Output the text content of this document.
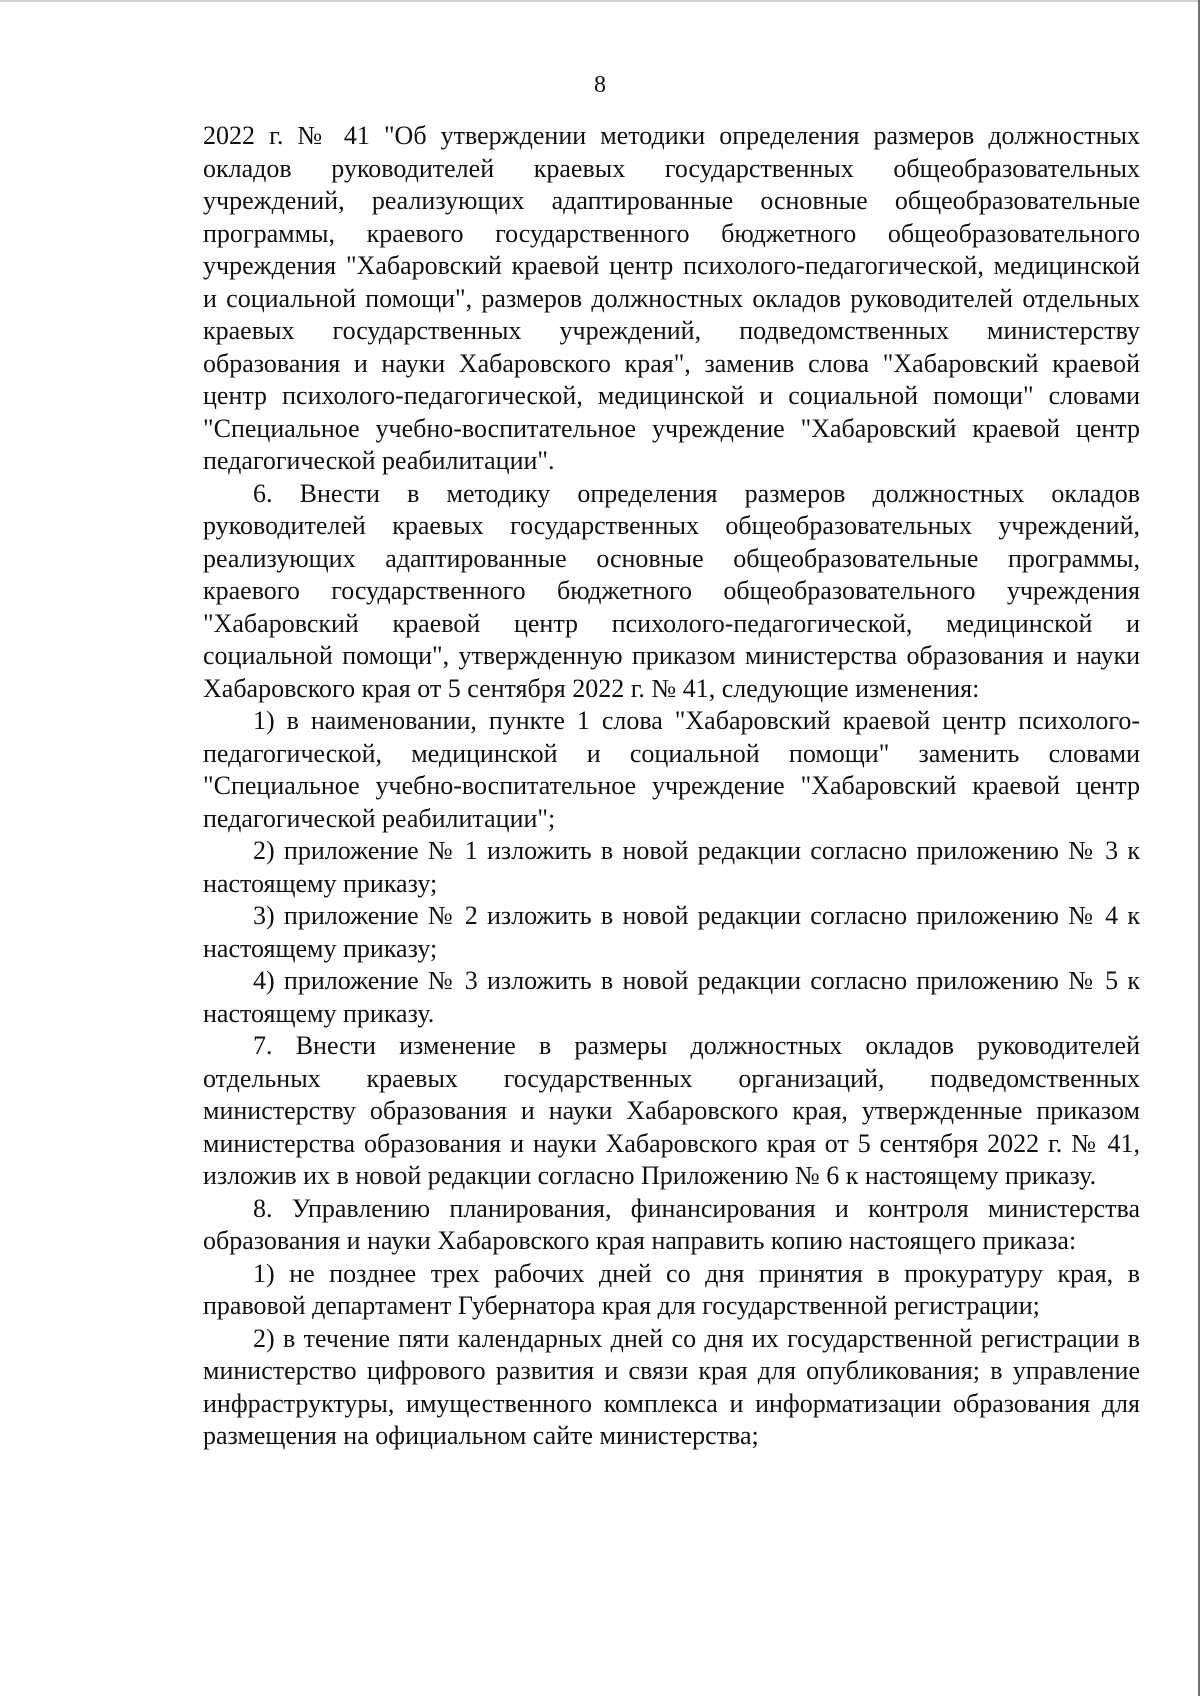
8

2022 г. № 41 "Об утверждении методики определения размеров должностных окладов руководителей краевых государственных общеобразовательных учреждений, реализующих адаптированные основные общеобразовательные программы, краевого государственного бюджетного общеобразовательного учреждения "Хабаровский краевой центр психолого-педагогической, медицинской и социальной помощи", размеров должностных окладов руководителей отдельных краевых государственных учреждений, подведомственных министерству образования и науки Хабаровского края", заменив слова "Хабаровский краевой центр психолого-педагогической, медицинской и социальной помощи" словами "Специальное учебно-воспитательное учреждение "Хабаровский краевой центр педагогической реабилитации".

6. Внести в методику определения размеров должностных окладов руководителей краевых государственных общеобразовательных учреждений, реализующих адаптированные основные общеобразовательные программы, краевого государственного бюджетного общеобразовательного учреждения "Хабаровский краевой центр психолого-педагогической, медицинской и социальной помощи", утвержденную приказом министерства образования и науки Хабаровского края от 5 сентября 2022 г. № 41, следующие изменения:

1) в наименовании, пункте 1 слова "Хабаровский краевой центр психолого-педагогической, медицинской и социальной помощи" заменить словами "Специальное учебно-воспитательное учреждение "Хабаровский краевой центр педагогической реабилитации";

2) приложение № 1 изложить в новой редакции согласно приложению № 3 к настоящему приказу;

3) приложение № 2 изложить в новой редакции согласно приложению № 4 к настоящему приказу;

4) приложение № 3 изложить в новой редакции согласно приложению № 5 к настоящему приказу.

7. Внести изменение в размеры должностных окладов руководителей отдельных краевых государственных организаций, подведомственных министерству образования и науки Хабаровского края, утвержденные приказом министерства образования и науки Хабаровского края от 5 сентября 2022 г. № 41, изложив их в новой редакции согласно Приложению № 6 к настоящему приказу.

8. Управлению планирования, финансирования и контроля министерства образования и науки Хабаровского края направить копию настоящего приказа:

1) не позднее трех рабочих дней со дня принятия в прокуратуру края, в правовой департамент Губернатора края для государственной регистрации;

2) в течение пяти календарных дней со дня их государственной регистрации в министерство цифрового развития и связи края для опубликования; в управление инфраструктуры, имущественного комплекса и информатизации образования для размещения на официальном сайте министерства;
